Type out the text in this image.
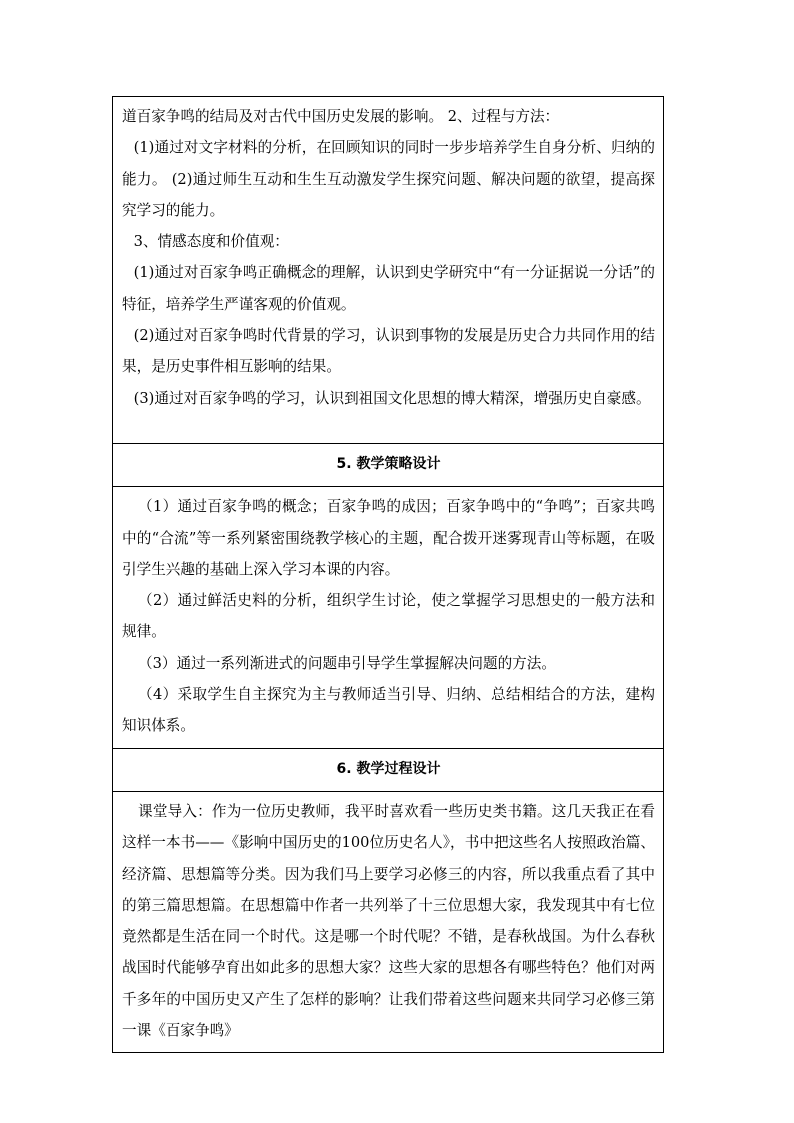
道百家争鸣的结局及对古代中国历史发展的影响。 2、过程与方法：

(1)通过对文字材料的分析，在回顾知识的同时一步步培养学生自身分析、归纳的能力。 (2)通过师生互动和生生互动激发学生探究问题、解决问题的欲望，提高探究学习的能力。

3、情感态度和价值观：

(1)通过对百家争鸣正确概念的理解，认识到史学研究中“有一分证据说一分话”的特征，培养学生严谨客观的价值观。

(2)通过对百家争鸣时代背景的学习，认识到事物的发展是历史合力共同作用的结果，是历史事件相互影响的结果。

(3)通过对百家争鸣的学习，认识到祖国文化思想的博大精深，增强历史自豪感。

5. 教学策略设计

（1）通过百家争鸣的概念；百家争鸣的成因；百家争鸣中的“争鸣”；百家共鸣中的“合流”等一系列紧密围绕教学核心的主题，配合拨开迷雾现青山等标题，在吸引学生兴趣的基础上深入学习本课的内容。

（2）通过鲜活史料的分析，组织学生讨论，使之掌握学习思想史的一般方法和规律。

（3）通过一系列渐进式的问题串引导学生掌握解决问题的方法。

（4）采取学生自主探究为主与教师适当引导、归纳、总结相结合的方法，建构知识体系。

6. 教学过程设计

课堂导入：作为一位历史教师，我平时喜欢看一些历史类书籍。这几天我正在看这样一本书——《影响中国历史的100位历史名人》，书中把这些名人按照政治篇、经济篇、思想篇等分类。因为我们马上要学习必修三的内容，所以我重点看了其中的第三篇思想篇。在思想篇中作者一共列举了十三位思想大家，我发现其中有七位竟然都是生活在同一个时代。这是哪一个时代呢？不错，是春秋战国。为什么春秋战国时代能够孕育出如此多的思想大家？这些大家的思想各有哪些特色？他们对两千多年的中国历史又产生了怎样的影响？让我们带着这些问题来共同学习必修三第一课《百家争鸣》
